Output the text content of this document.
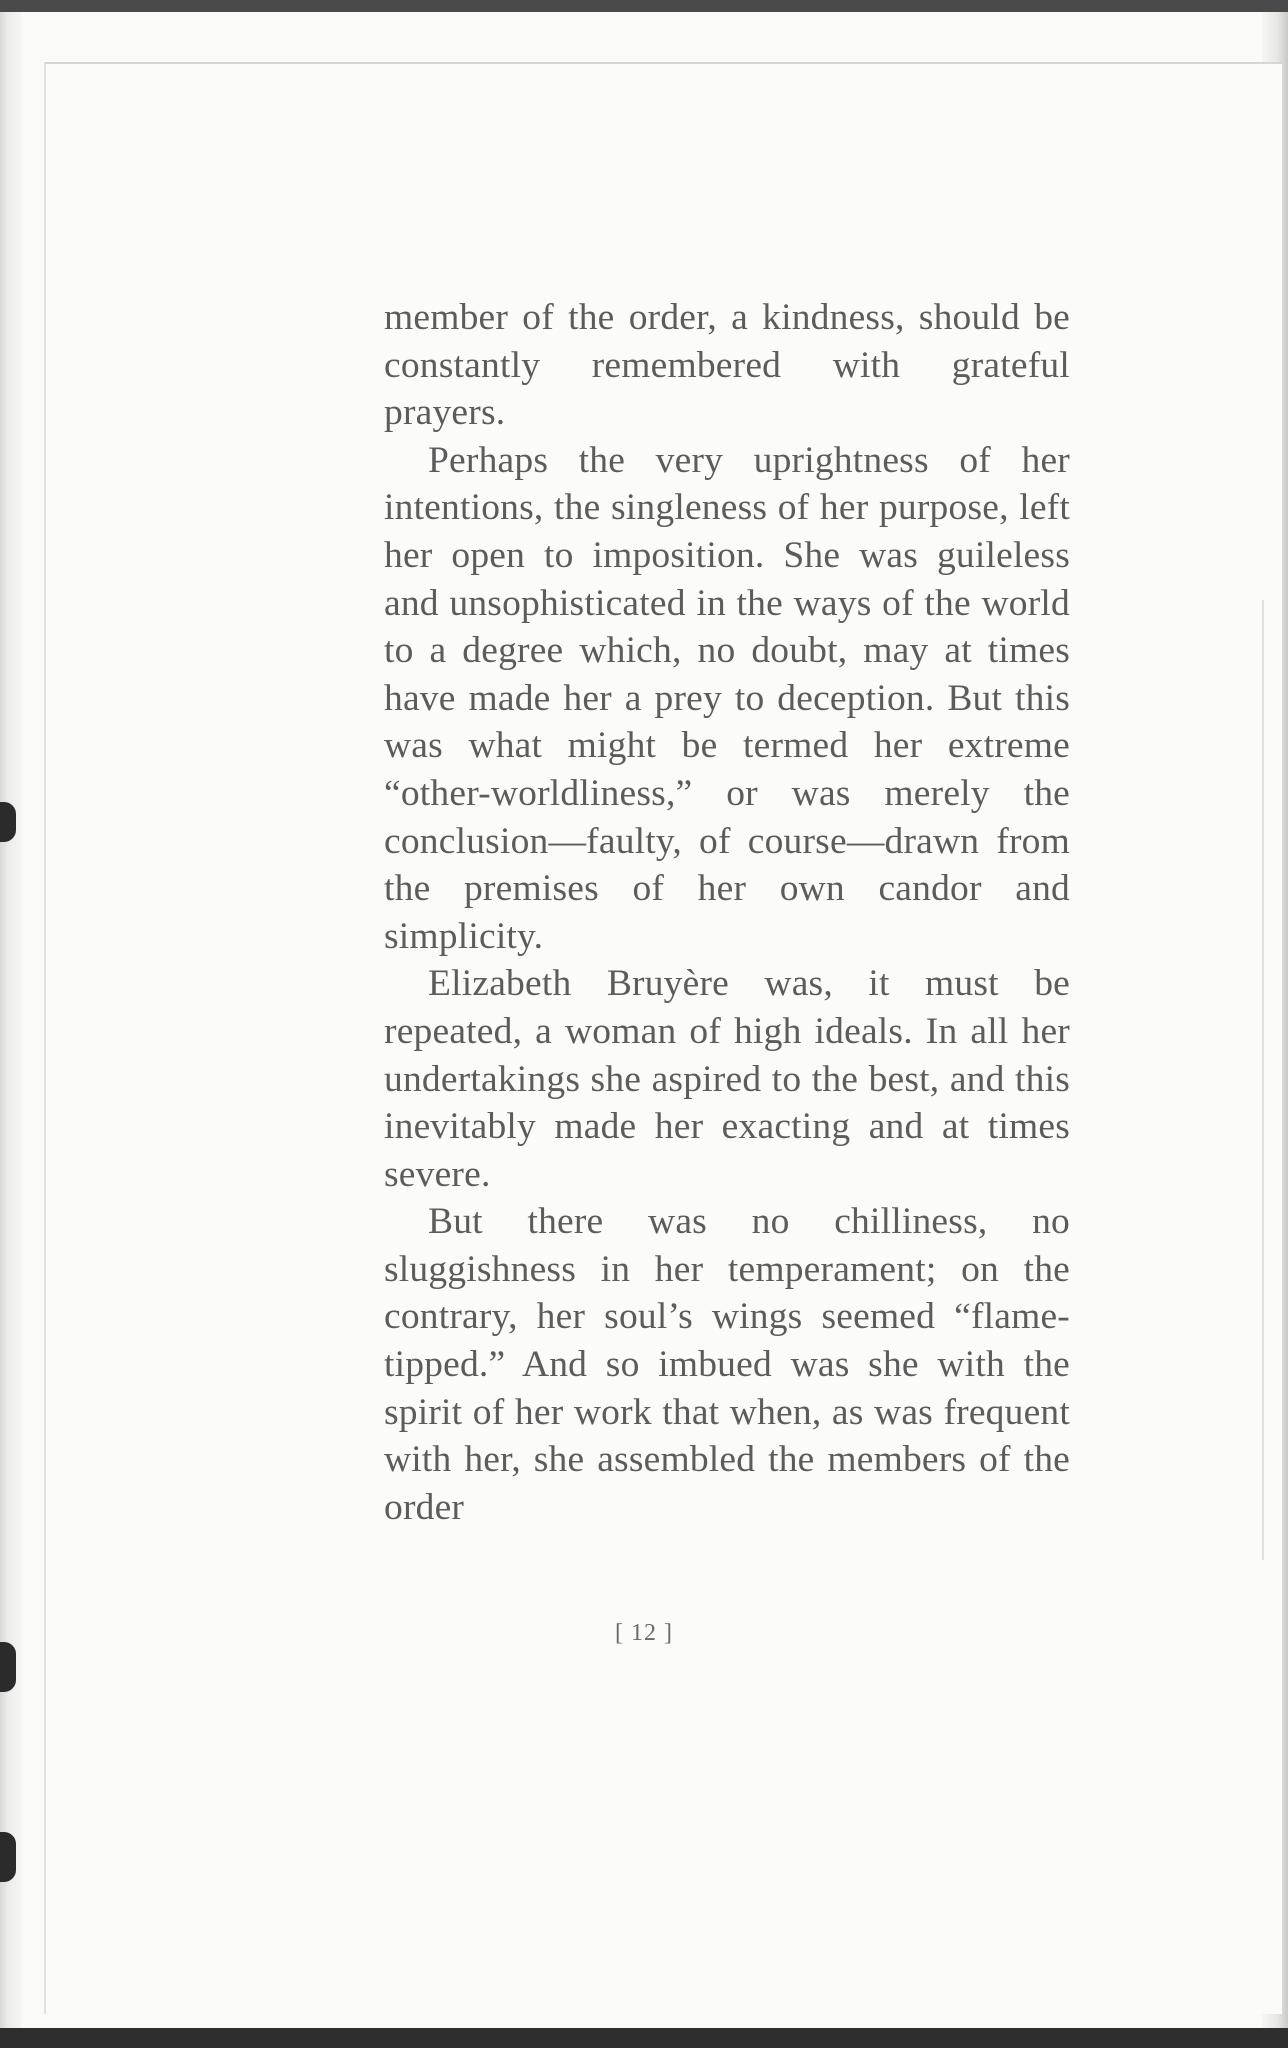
member of the order, a kindness, should be constantly remembered with grateful prayers.

Perhaps the very uprightness of her intentions, the singleness of her purpose, left her open to imposition. She was guileless and unsophisticated in the ways of the world to a degree which, no doubt, may at times have made her a prey to deception. But this was what might be termed her extreme “other-worldliness,” or was merely the conclusion—faulty, of course—drawn from the premises of her own candor and simplicity.

Elizabeth Bruyère was, it must be repeated, a woman of high ideals. In all her undertakings she aspired to the best, and this inevitably made her exacting and at times severe.

But there was no chilliness, no sluggishness in her temperament; on the contrary, her soul’s wings seemed “flame-tipped.” And so imbued was she with the spirit of her work that when, as was frequent with her, she assembled the members of the order

[ 12 ]
